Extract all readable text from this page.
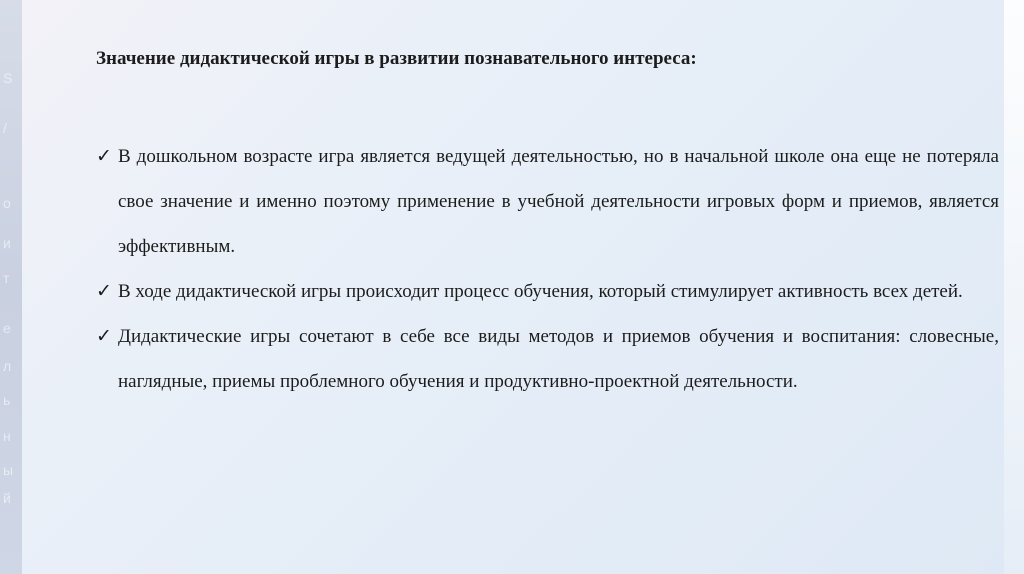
S
/
o
и
т
е
л
ь
н
ы
й
Значение дидактической игры в развитии познавательного интереса:
✓ В дошкольном возрасте игра является ведущей деятельностью, но в начальной школе она еще не потеряла свое значение и именно поэтому применение в учебной деятельности игровых форм и приемов, является эффективным.
✓ В ходе дидактической игры происходит процесс обучения, который стимулирует активность всех детей.
✓ Дидактические игры сочетают в себе все виды методов и приемов обучения и воспитания: словесные, наглядные, приемы проблемного обучения и продуктивно-проектной деятельности.
